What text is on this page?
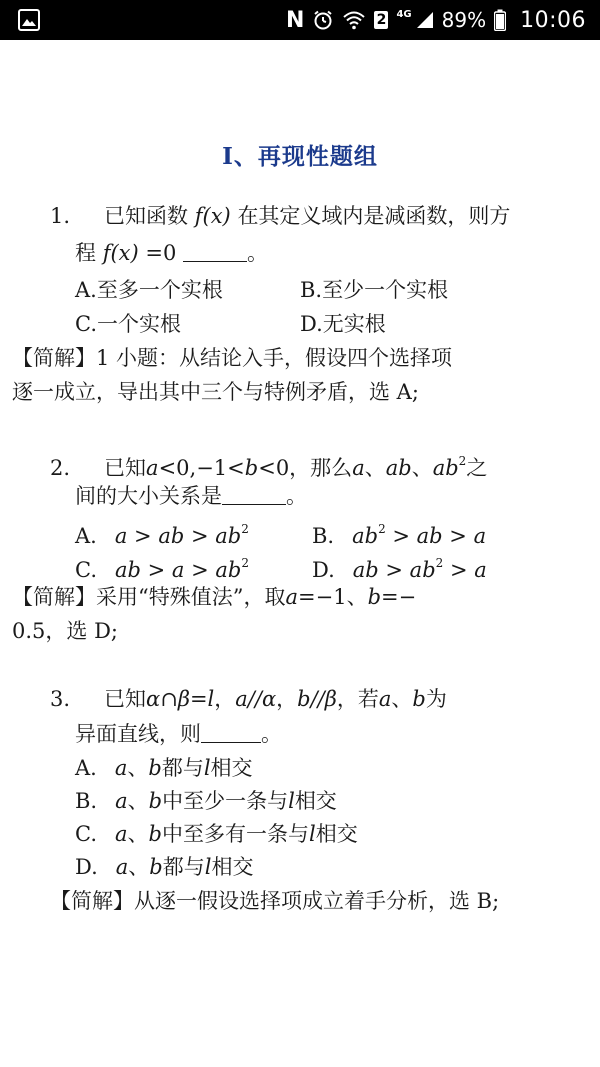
N	2 4G 89% 10:06
Ⅰ、再现性题组
1. 已知函数 f(x) 在其定义域内是减函数，则方
程 f(x) =0	。
A.至多一个实根	B.至少一个实根
C.一个实根	D.无实根
【简解】1 小题：从结论入手，假设四个选择项
逐一成立，导出其中三个与特例矛盾，选 A;
2. 已知a<0,−1<b<0，那么a、ab、$ab^2$之
间的大小关系是	。
A. a > ab > $ab^2$	B. $ab^2$ > ab > a
C. ab > $a > ab^2$	D. ab > $ab^2 > a$
【简解】采用“特殊值法”，取a=−1、b=−
0.5，选 D;
3. 已知α∩β=l，a//α，b//β，若a、b为
异面直线，则	。
A. a、b都与l相交
B. a、b中至少一条与l相交
C. a、b中至多有一条与l相交
D. a、b都与l相交
【简解】从逐一假设选择项成立着手分析，选 B;
